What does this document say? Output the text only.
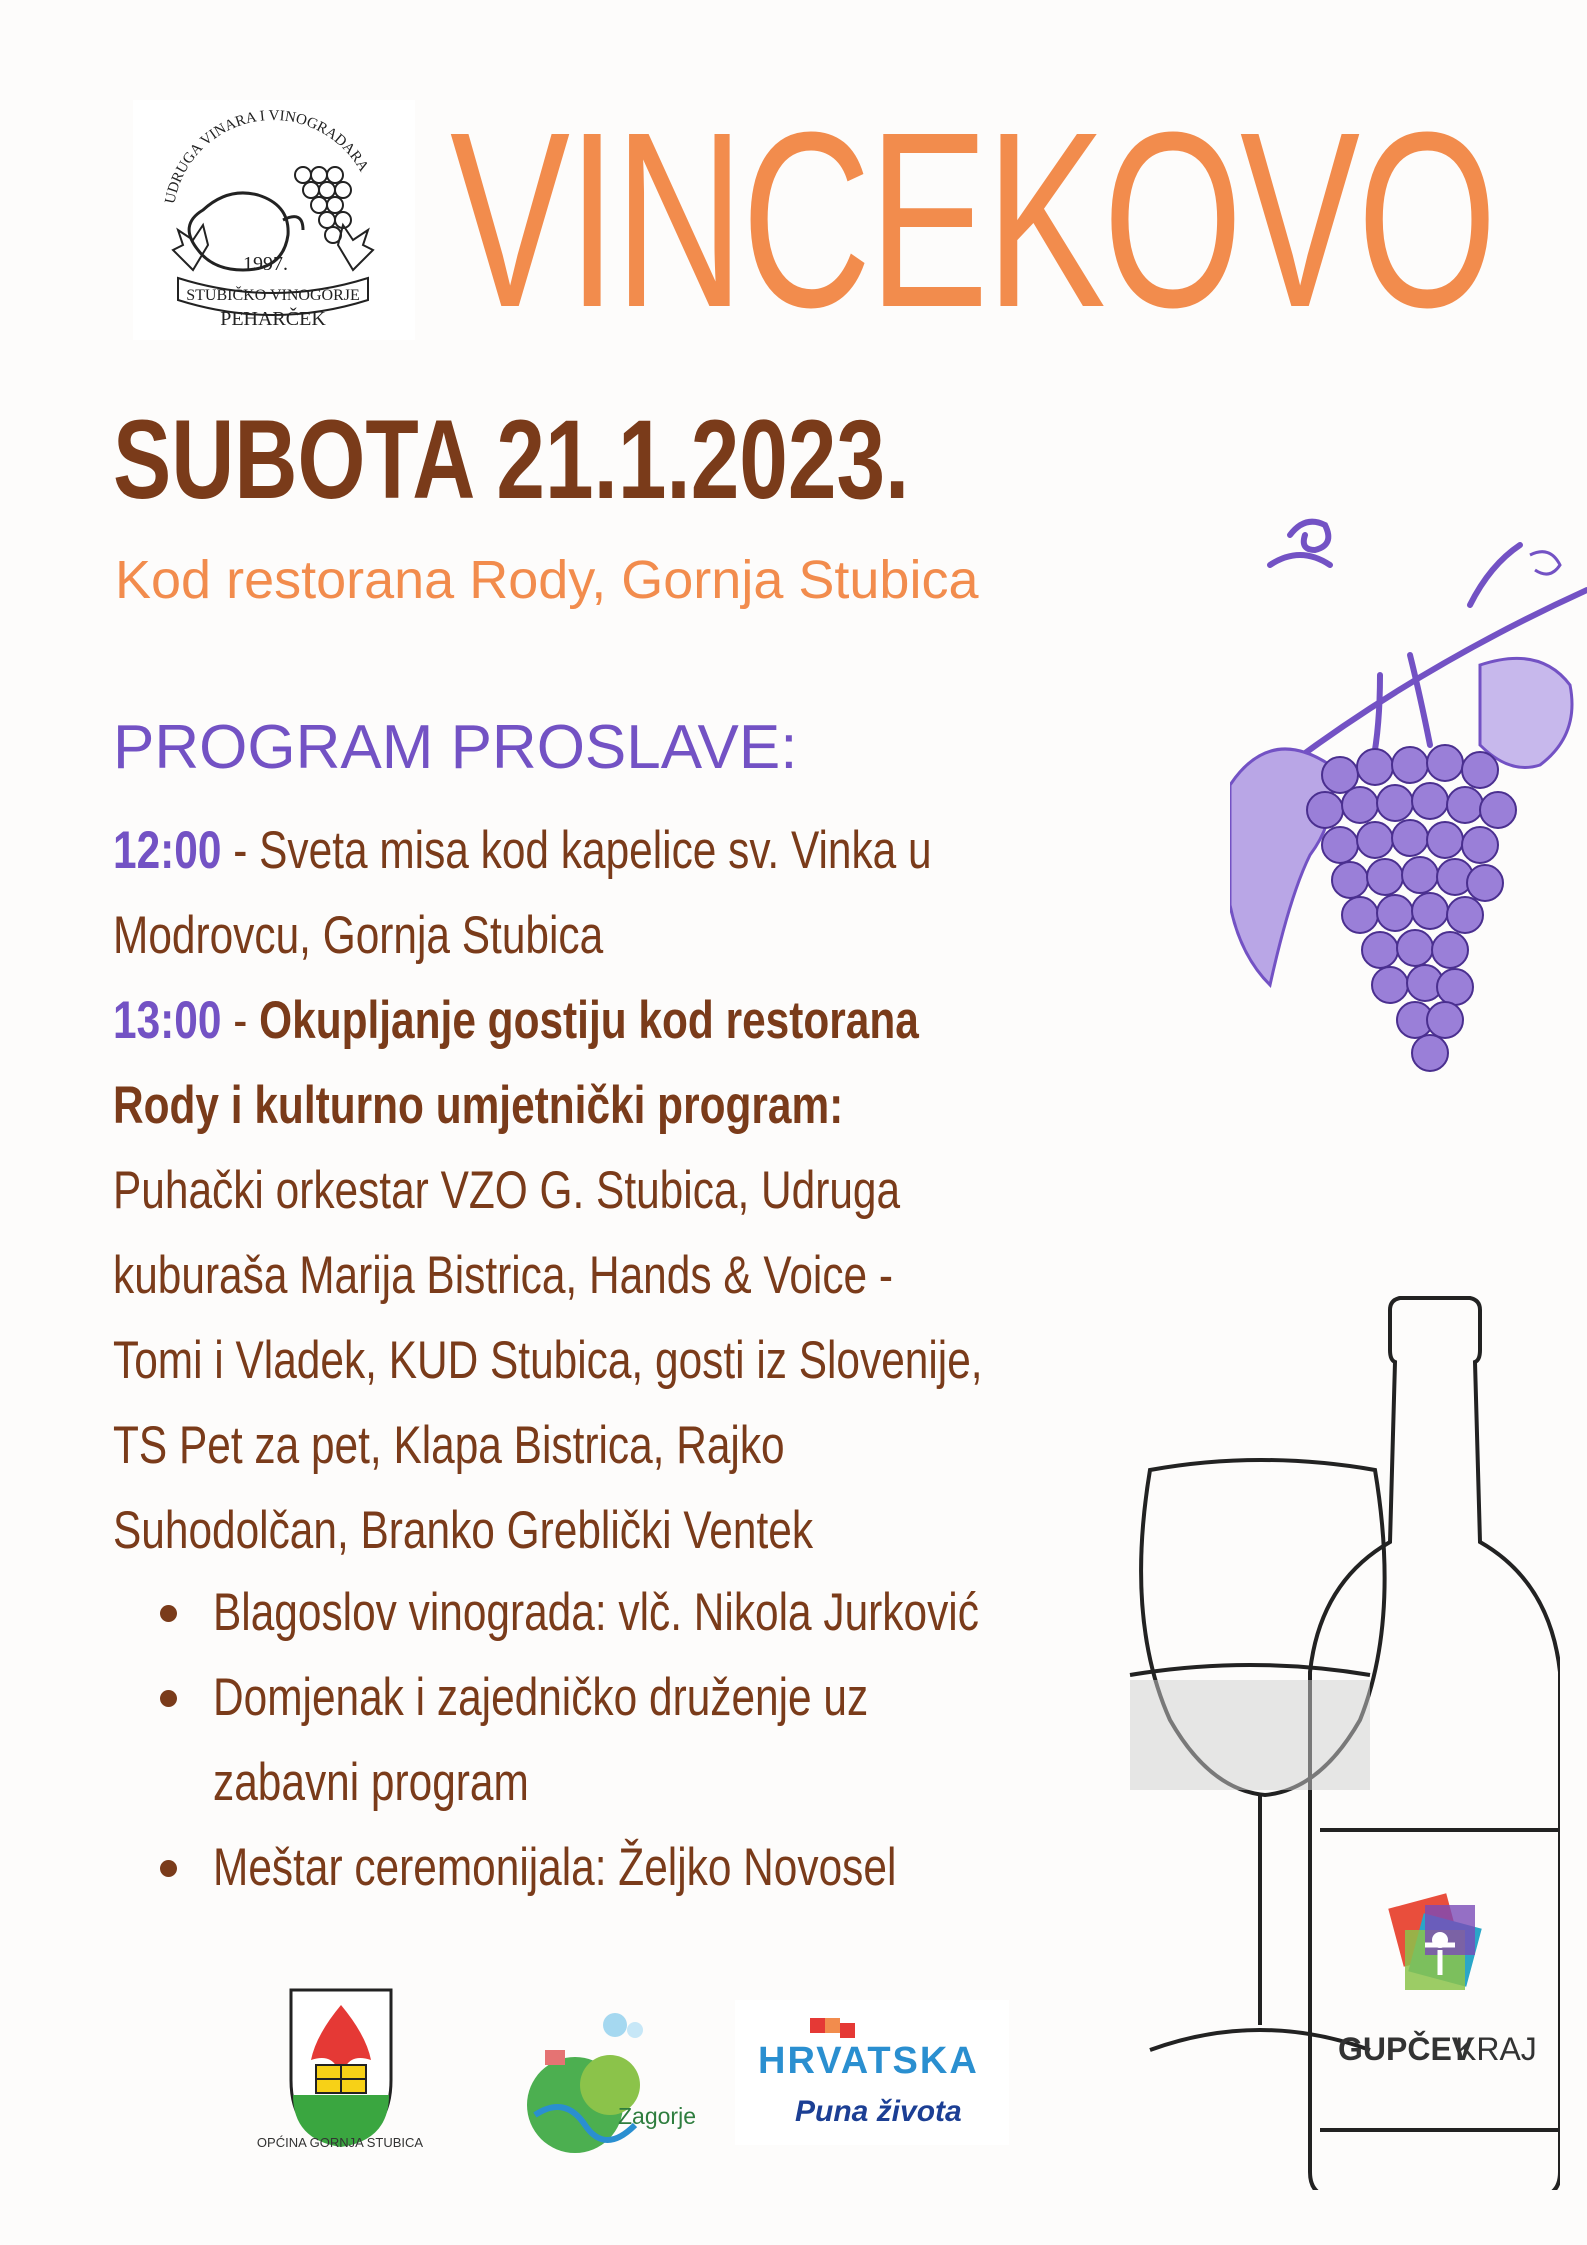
UDRUGA VINARA I VINOGRADARA
1997.
STUBIČKO VINOGORJE
PEHARČEK VINCEKOVO
SUBOTA 21.1.2023.
Kod restorana Rody, Gornja Stubica
PROGRAM PROSLAVE:
12:00 - Sveta misa kod kapelice sv. Vinka u
Modrovcu, Gornja Stubica
13:00 - Okupljanje gostiju kod restorana
Rody i kulturno umjetnički program:
Puhački orkestar VZO G. Stubica, Udruga
kuburaša Marija Bistrica, Hands & Voice -
Tomi i Vladek, KUD Stubica, gosti iz Slovenije,
TS Pet za pet, Klapa Bistrica, Rajko
Suhodolčan, Branko Greblički Ventek
Blagoslov vinograda: vlč. Nikola Jurković
Domjenak i zajedničko druženje uz
zabavni program
Meštar ceremonijala: Željko Novosel
GUPČEV
KRAJ
OPĆINA GORNJA STUBICA
Zagorje
HRVATSKA
Puna života
